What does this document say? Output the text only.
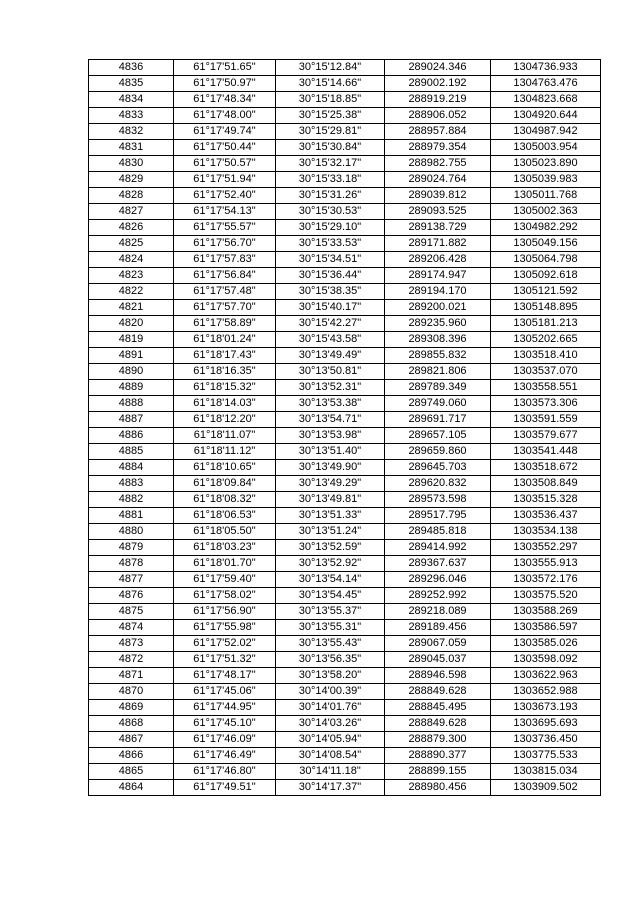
4836	61°17'51.65"	30°15'12.84"	289024.346	1304736.933
4835	61°17'50.97"	30°15'14.66"	289002.192	1304763.476
4834	61°17'48.34"	30°15'18.85"	288919.219	1304823.668
4833	61°17'48.00"	30°15'25.38"	288906.052	1304920.644
4832	61°17'49.74"	30°15'29.81"	288957.884	1304987.942
4831	61°17'50.44"	30°15'30.84"	288979.354	1305003.954
4830	61°17'50.57"	30°15'32.17"	288982.755	1305023.890
4829	61°17'51.94"	30°15'33.18"	289024.764	1305039.983
4828	61°17'52.40"	30°15'31.26"	289039.812	1305011.768
4827	61°17'54.13"	30°15'30.53"	289093.525	1305002.363
4826	61°17'55.57"	30°15'29.10"	289138.729	1304982.292
4825	61°17'56.70"	30°15'33.53"	289171.882	1305049.156
4824	61°17'57.83"	30°15'34.51"	289206.428	1305064.798
4823	61°17'56.84"	30°15'36.44"	289174.947	1305092.618
4822	61°17'57.48"	30°15'38.35"	289194.170	1305121.592
4821	61°17'57.70"	30°15'40.17"	289200.021	1305148.895
4820	61°17'58.89"	30°15'42.27"	289235.960	1305181.213
4819	61°18'01.24"	30°15'43.58"	289308.396	1305202.665
4891	61°18'17.43"	30°13'49.49"	289855.832	1303518.410
4890	61°18'16.35"	30°13'50.81"	289821.806	1303537.070
4889	61°18'15.32"	30°13'52.31"	289789.349	1303558.551
4888	61°18'14.03"	30°13'53.38"	289749.060	1303573.306
4887	61°18'12.20"	30°13'54.71"	289691.717	1303591.559
4886	61°18'11.07"	30°13'53.98"	289657.105	1303579.677
4885	61°18'11.12"	30°13'51.40"	289659.860	1303541.448
4884	61°18'10.65"	30°13'49.90"	289645.703	1303518.672
4883	61°18'09.84"	30°13'49.29"	289620.832	1303508.849
4882	61°18'08.32"	30°13'49.81"	289573.598	1303515.328
4881	61°18'06.53"	30°13'51.33"	289517.795	1303536.437
4880	61°18'05.50"	30°13'51.24"	289485.818	1303534.138
4879	61°18'03.23"	30°13'52.59"	289414.992	1303552.297
4878	61°18'01.70"	30°13'52.92"	289367.637	1303555.913
4877	61°17'59.40"	30°13'54.14"	289296.046	1303572.176
4876	61°17'58.02"	30°13'54.45"	289252.992	1303575.520
4875	61°17'56.90"	30°13'55.37"	289218.089	1303588.269
4874	61°17'55.98"	30°13'55.31"	289189.456	1303586.597
4873	61°17'52.02"	30°13'55.43"	289067.059	1303585.026
4872	61°17'51.32"	30°13'56.35"	289045.037	1303598.092
4871	61°17'48.17"	30°13'58.20"	288946.598	1303622.963
4870	61°17'45.06"	30°14'00.39"	288849.628	1303652.988
4869	61°17'44.95"	30°14'01.76"	288845.495	1303673.193
4868	61°17'45.10"	30°14'03.26"	288849.628	1303695.693
4867	61°17'46.09"	30°14'05.94"	288879.300	1303736.450
4866	61°17'46.49"	30°14'08.54"	288890.377	1303775.533
4865	61°17'46.80"	30°14'11.18"	288899.155	1303815.034
4864	61°17'49.51"	30°14'17.37"	288980.456	1303909.502
